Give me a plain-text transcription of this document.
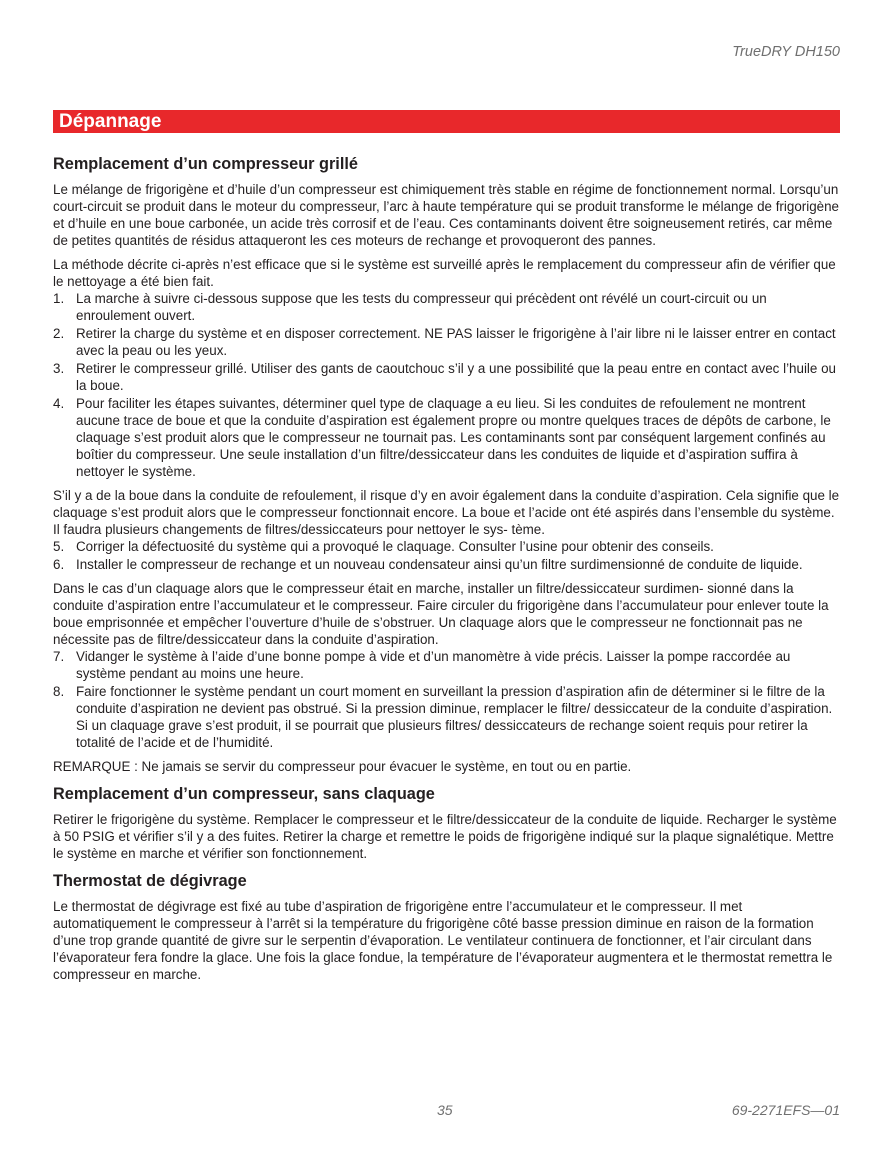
TrueDRY DH150

Dépannage
Remplacement d’un compresseur grillé

Le mélange de frigorigène et d’huile d’un compresseur est chimiquement très stable en régime de fonctionnement normal. Lorsqu’un court-circuit se produit dans le moteur du compresseur, l’arc à haute température qui se produit transforme le mélange de frigorigène et d’huile en une boue carbonée, un acide très corrosif et de l’eau. Ces contaminants doivent être soigneusement retirés, car même de petites quantités de résidus attaqueront les ces moteurs de rechange et provoqueront des pannes.

La méthode décrite ci-après n’est efficace que si le système est surveillé après le remplacement du compresseur afin de vérifier que le nettoyage a été bien fait.

1. La marche à suivre ci-dessous suppose que les tests du compresseur qui précèdent ont révélé un court-circuit ou un enroulement ouvert.
2. Retirer la charge du système et en disposer correctement. NE PAS laisser le frigorigène à l’air libre ni le laisser entrer en contact avec la peau ou les yeux.
3. Retirer le compresseur grillé. Utiliser des gants de caoutchouc s’il y a une possibilité que la peau entre en contact avec l’huile ou la boue.
4. Pour faciliter les étapes suivantes, déterminer quel type de claquage a eu lieu. Si les conduites de refoulement ne montrent aucune trace de boue et que la conduite d’aspiration est également propre ou montre quelques traces de dépôts de carbone, le claquage s’est produit alors que le compresseur ne tournait pas. Les contaminants sont par conséquent largement confinés au boîtier du compresseur. Une seule installation d’un filtre/dessiccateur dans les conduites de liquide et d’aspiration suffira à nettoyer le système.

S’il y a de la boue dans la conduite de refoulement, il risque d’y en avoir également dans la conduite d’aspiration. Cela signifie que le claquage s’est produit alors que le compresseur fonctionnait encore. La boue et l’acide ont été aspirés dans l’ensemble du système. Il faudra plusieurs changements de filtres/dessiccateurs pour nettoyer le sys- tème.

5. Corriger la défectuosité du système qui a provoqué le claquage. Consulter l’usine pour obtenir des conseils.
6. Installer le compresseur de rechange et un nouveau condensateur ainsi qu’un filtre surdimensionné de conduite de liquide.

Dans le cas d’un claquage alors que le compresseur était en marche, installer un filtre/dessiccateur surdimen- sionné dans la conduite d’aspiration entre l’accumulateur et le compresseur. Faire circuler du frigorigène dans l’accumulateur pour enlever toute la boue emprisonnée et empêcher l’ouverture d’huile de s’obstruer. Un claquage alors que le compresseur ne fonctionnait pas ne nécessite pas de filtre/dessiccateur dans la conduite d’aspiration.

7. Vidanger le système à l’aide d’une bonne pompe à vide et d’un manomètre à vide précis. Laisser la pompe raccordée au système pendant au moins une heure.
8. Faire fonctionner le système pendant un court moment en surveillant la pression d’aspiration afin de déterminer si le filtre de la conduite d’aspiration ne devient pas obstrué. Si la pression diminue, remplacer le filtre/ dessiccateur de la conduite d’aspiration. Si un claquage grave s’est produit, il se pourrait que plusieurs filtres/ dessiccateurs de rechange soient requis pour retirer la totalité de l’acide et de l’humidité.

REMARQUE : Ne jamais se servir du compresseur pour évacuer le système, en tout ou en partie.

Remplacement d’un compresseur, sans claquage

Retirer le frigorigène du système. Remplacer le compresseur et le filtre/dessiccateur de la conduite de liquide. Recharger le système à 50 PSIG et vérifier s’il y a des fuites. Retirer la charge et remettre le poids de frigorigène indiqué sur la plaque signalétique. Mettre le système en marche et vérifier son fonctionnement.

Thermostat de dégivrage

Le thermostat de dégivrage est fixé au tube d’aspiration de frigorigène entre l’accumulateur et le compresseur. Il met automatiquement le compresseur à l’arrêt si la température du frigorigène côté basse pression diminue en raison de la formation d’une trop grande quantité de givre sur le serpentin d’évaporation. Le ventilateur continuera de fonctionner, et l’air circulant dans l’évaporateur fera fondre la glace. Une fois la glace fondue, la température de l’évaporateur augmentera et le thermostat remettra le compresseur en marche.

35	69-2271EFS—01
